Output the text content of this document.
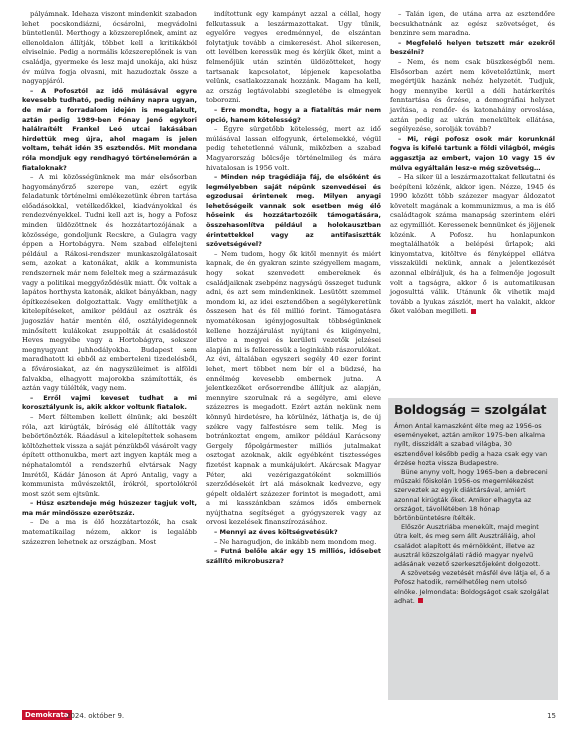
pályámnak. Idehaza viszont mindenkit szabadon lehet pocskondiázni, ócsárolni, megvádolni büntetlenül. Merthogy a közszereplőnek, amint az ellenoldalon állítják, többet kell a kritikákból elviselnie. Pedig a normális közszereplőnek is van családja, gyermeke és lesz majd unokája, aki húsz év múlva fogja olvasni, mit hazudoztak össze a nagyapjáról.

– A Pofosztól az idő múlásával egyre kevesebb tudható, pedig néhány napra ugyan, de már a forradalom idején is megalakult, aztán pedig 1989-ben Fónay Jenő egykori halálraítélt Frankel Leó utcai lakásában hirdettük meg újra, ahol magam is jelen voltam, tehát idén 35 esztendős. Mit mondana róla mondjuk egy rendhagyó történelemórán a fiataloknak?

– A mi közösségünknek ma már elsősorban hagyományőrző szerepe van, ezért egyik feladatunk történelmi emlékezetünk ébren tartása előadásokkal, vetélkedőkkel, kiadványokkal és rendezvényekkel. Tudni kell azt is, hogy a Pofosz minden üldözöttnek és hozzátartozójának a közössége, gondoljunk Recskre, a Gulagra vagy éppen a Hortobágyra. Nem szabad elfelejteni például a Rákosi-rendszer munkaszolgálatosait sem, azokat a katonákat, akik a kommunista rendszernek már nem feleltek meg a származásuk vagy a politikai meggyőződésük miatt. Ők voltak a lapátos horthysta katonák, akiket bányákban, nagy építkezéseken dolgoztattak. Vagy említhetjük a kitelepítéseket, amikor például az osztrák és jugoszláv határ mentén élő, osztályidegennek minősített kulákokat zsuppolták át családostól Heves megyébe vagy a Hortobágyra, sokszor megnyugyant juhhodályokba. Budapest sem maradhatott ki ebből az emberteleni tizedelésből, a fővárosiakat, az én nagyszüleimet is alföldi falvakba, elhagyott majorokba számították, és aztán vagy túlélték, vagy nem.

– Erről vajmi keveset tudhat a mi korosztályunk is, akik akkor voltunk fiatalok.

– Mert féltemben kellett élnünk; aki beszélt róla, azt kirúgták, bíróság elé állították vagy bebörtönözték. Ráadásul a kitelepítettek sohasem költözhettek vissza a saját pénzükből vásárolt vagy épített otthonukba, mert azt ingyen kapták meg a néphatalomtól a rendszerhű elvtársak Nagy Imrétől, Kádár Jánoson át Apró Antalig, vagy a kommunista művészektől, írókról, sportolókról most szót sem ejtsünk.

– Húsz esztendeje még húszezer tagjuk volt, ma már mindössze ezerötszáz.

– De a ma is élő hozzátartozók, ha csak matematikailag nézem, akkor is legalább százezren lehetnek az országban. Most

indítottunk egy kampányt azzal a céllal, hogy felkutassuk a leszármazottakat. Ugy tűnik, egyelőre vegyes eredménnyel, de elszántan folytatjuk tovább a cimkeresést. Ahol sikeresen, ott levélben keressük meg és kérjük őket, mint a felmenőjük után szintén üldözötteket, hogy tartsanak kapcsolatot, lépjenek kapcsolatba velünk, csatlakozzanak hozzánk. Magam ha kell, az ország legtávolabbi szegletébe is elmegyek toborozni.

– Erre mondta, hogy a a fiatalítás már nem opció, hanem kötelesség?

– Égyre sürgetőbb kötelesség, mert az idő múlásával lassan elfogyunk, értelemekké, végül pedig tehetetlenné válunk, miközben a szabad Magyarország bölcsője történelmileg és mára hivatalosan is 1956 volt.

– Minden nép tragédiája fáj, de elsőként és legmélyebben saját népünk szenvedései és egzodusai érintenek meg. Milyen anyagi lehetőségeik vannak sok esetben még élő hőseink és hozzátartozóik támogatására, összehasonlítva például a holokausztban érintettekkel vagy az antifasisztták szövetségével?

– Nem tudom, hogy ők kitől mennyit és miért kapnak, de én gyakran szinte szégyellem magam, hogy sokat szenvedett embereknek és családjaiknak zsebpénz nagyságú összeget tudunk adni, és azt sem mindenkinek. Lesütött szemmel mondom ki, az idei esztendőben a segélykeretünk összesen hat és fél millió forint. Támogatásra nyomatékosan igényjogosultak többségünknek kellene hozzájárulást nyújtani és kiigényelni, illetve a megyei és kerületi vezetők jelzései alapján mi is felkeressük a leginkább rászorulókat. Az évi, általában egyszeri segély 40 ezer forint lehet, mert többet nem bír el a büdzsé, ha ennélmég kevesebb embernek jutna. A jelentkezőket erősorrendbe állítjuk az alapján, mennyire szorulnak rá a segélyre, ami eleve százezres is megadott. Ezért aztán nekünk nem könnyű hirdetésre, ha körülnéz, láthatja is, de új székre vagy falfestésre sem telik. Meg is botránkoztat engem, amikor például Karácsony Gergely főpolgármester milliós jutalmakat osztogat azoknak, akik egyébként tisztességes fizetést kapnak a munkájukért. Akárcsak Magyar Péter, aki vezérigazgatóként sokmilliós szerződésekét írt alá másoknak kedvezve, egy gépelt oldalért százezer forintot is megadott, ami a mi kasszánkban számos idős embernek nyújthatna segítséget a gyógyszerek vagy az orvosi kezelések finanszírozásához.

– Mennyi az éves költségvetésük?

– Ne haragudjon, de inkább nem mondom meg.

– Futná belőle akár egy 15 milliós, idősebet szállító mikrobuszra?

– Talán igen, de utána arra az esztendőre becsukhatnánk az egész szövetséget, és benzinre sem maradna.

– Megfelelő helyen tetszett már ezekről beszélni?

– Nem, és nem csak büszkeségből nem. Elsősorban azért nem követelőztünk, mert megértjük hazánk nehéz helyzetét. Tudjuk, hogy mennyibe kerül a déli határkerítés fenntartása és őrzése, a demográfiai helyzet javítása, a rendőr- és katonaháiny orvoslása, aztán pedig az ukrán menekültek ellátása, segélyezése, sorolják tovább?

– Mi, régi pofosz osok már korunknál fogva is kifelé tartunk a földi világból, mégis aggasztja az embert, vajon 10 vagy 15 év múlva egyáltalán lesz-e még szövetség…

– Ha siker ül a leszármazottakat felkutatni és beépíteni közénk, akkor igen. Nézze, 1945 és 1990 között több százezer magyar áldozatot követelt magának a kommunizmus, a ma is élő családtagok száma manapság szerintem eléri az egymilliót. Keressenek bennünket és jöjjenek közénk. A Pofosz. hu honlapunkon megtalálhatók a belépési űrlapok; aki kinyomtatva, kitöltve és fényképpel ellátva visszaküldi nekünk, annak a jelentkezését azonnal elbíráljuk, és ha a felmenője jogosult volt a tagságra, akkor ő is automatikusan jogosulttá válik. Utánunk ők vihetik majd tovább a lyukas zászlót, mert ha valakit, akkor őket valóban megilleti.

Boldogság = szolgálat

Ámon Antal kamaszként élte meg az 1956-os eseményeket, aztán amikor 1975-ben alkalma nyílt, disszidált a szabad világba, 30 esztendővel később pedig a haza csak egy van érzése hozta vissza Budapestre.

Büne anyny volt, hogy 1965-ben a debreceni műszaki főiskolán 1956-os megemlékezést szerveztek az egyik diáktársával, amiért azonnal kirúgták őket. Amikor elhagyta az országot, távollétében 18 hónap börtönbüntetésre ítélték.

Először Ausztriába menekült, majd megint útra kelt, és meg sem állt Ausztráliáig, ahol családot alapított és mérnökként, illetve az ausztrál közszolgálati rádió magyar nyelvű adásának vezető szerkesztőjeként dolgozott.

A szövetség vezetését másfél éve látja el, ő a Pofosz hatodik, remélhetőleg nem utolsó elnöke. Jelmondata: Boldogságot csak szolgálat adhat.

Demokrata
2024. október 9.	15
